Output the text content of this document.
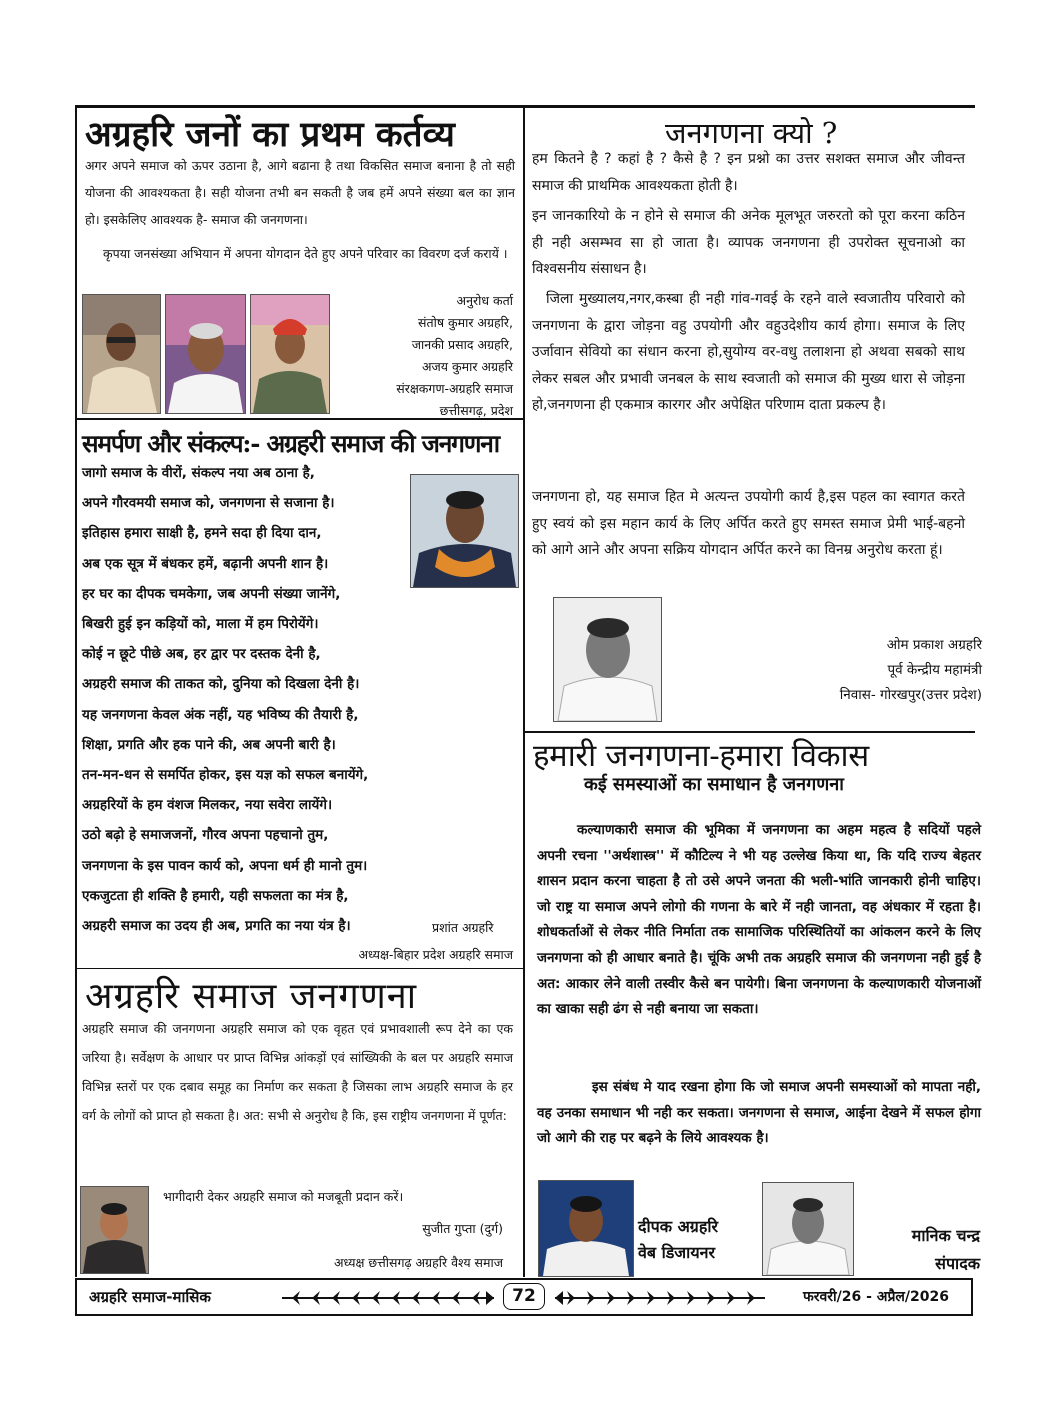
अग्रहरि जनों का प्रथम कर्तव्य
अगर अपने समाज को ऊपर उठाना है, आगे बढाना है तथा विकसित समाज बनाना है तो सही योजना की आवश्यकता है। सही योजना तभी बन सकती है जब हमें अपने संख्या बल का ज्ञान हो। इसकेलिए आवश्यक है- समाज की जनगणना।
कृपया जनसंख्या अभियान में अपना योगदान देते हुए अपने परिवार का विवरण दर्ज करायें ।
अनुरोध कर्ता
संतोष कुमार अग्रहरि,
जानकी प्रसाद अग्रहरि,
अजय कुमार अग्रहरि
संरक्षकगण-अग्रहरि समाज
छत्तीसगढ़, प्रदेश
समर्पण और संकल्प:- अग्रहरी समाज की जनगणना
जागो समाज के वीरों, संकल्प नया अब ठाना है,
अपने गौरवमयी समाज को, जनगणना से सजाना है।
इतिहास हमारा साक्षी है, हमने सदा ही दिया दान,
अब एक सूत्र में बंधकर हमें, बढ़ानी अपनी शान है।
हर घर का दीपक चमकेगा, जब अपनी संख्या जानेंगे,
बिखरी हुई इन कड़ियों को, माला में हम पिरोयेंगे।
कोई न छूटे पीछे अब, हर द्वार पर दस्तक देनी है,
अग्रहरी समाज की ताकत को, दुनिया को दिखला देनी है।
यह जनगणना केवल अंक नहीं, यह भविष्य की तैयारी है,
शिक्षा, प्रगति और हक पाने की, अब अपनी बारी है।
तन-मन-धन से समर्पित होकर, इस यज्ञ को सफल बनायेंगे,
अग्रहरियों के हम वंशज मिलकर, नया सवेरा लायेंगे।
उठो बढ़ो हे समाजजनों, गौरव अपना पहचानो तुम,
जनगणना के इस पावन कार्य को, अपना धर्म ही मानो तुम।
एकजुटता ही शक्ति है हमारी, यही सफलता का मंत्र है,
अग्रहरी समाज का उदय ही अब, प्रगति का नया यंत्र है।	प्रशांत अग्रहरि
अध्यक्ष-बिहार प्रदेश अग्रहरि समाज
अग्रहरि समाज जनगणना
अग्रहरि समाज की जनगणना अग्रहरि समाज को एक वृहत एवं प्रभावशाली रूप देने का एक जरिया है। सर्वेक्षण के आधार पर प्राप्त विभिन्न आंकड़ों एवं सांख्यिकी के बल पर अग्रहरि समाज विभिन्न स्तरों पर एक दबाव समूह का निर्माण कर सकता है जिसका लाभ अग्रहरि समाज के हर वर्ग के लोगों को प्राप्त हो सकता है। अत: सभी से अनुरोध है कि, इस राष्ट्रीय जनगणना में पूर्णत:
भागीदारी देकर अग्रहरि समाज को मजबूती प्रदान करें।
सुजीत गुप्ता (दुर्ग)
अध्यक्ष छत्तीसगढ़ अग्रहरि वैश्य समाज
जनगणना क्यो ?
हम कितने है ? कहां है ? कैसे है ? इन प्रश्नो का उत्तर सशक्त समाज और जीवन्त समाज की प्राथमिक आवश्यकता होती है।
इन जानकारियो के न होने से समाज की अनेक मूलभूत जरुरतो को पूरा करना कठिन ही नही असम्भव सा हो जाता है। व्यापक जनगणना ही उपरोक्त सूचनाओ का विश्वसनीय संसाधन है।
जिला मुख्यालय,नगर,कस्बा ही नही गांव-गवई के रहने वाले स्वजातीय परिवारो को जनगणना के द्वारा जोड़ना वहु उपयोगी और वहुउदेशीय कार्य होगा। समाज के लिए उर्जावान सेवियो का संधान करना हो,सुयोग्य वर-वधु तलाशना हो अथवा सबको साथ लेकर सबल और प्रभावी जनबल के साथ स्वजाती को समाज की मुख्य धारा से जोड़ना हो,जनगणना ही एकमात्र कारगर और अपेक्षित परिणाम दाता प्रकल्प है।
जनगणना हो, यह समाज हित मे अत्यन्त उपयोगी कार्य है,इस पहल का स्वागत करते हुए स्वयं को इस महान कार्य के लिए अर्पित करते हुए समस्त समाज प्रेमी भाई-बहनो को आगे आने और अपना सक्रिय योगदान अर्पित करने का विनम्र अनुरोध करता हूं।
ओम प्रकाश अग्रहरि
पूर्व केन्द्रीय महामंत्री
निवास- गोरखपुर(उत्तर प्रदेश)
हमारी जनगणना-हमारा विकास
कई समस्याओं का समाधान है जनगणना
कल्याणकारी समाज की भूमिका में जनगणना का अहम महत्व है सदियों पहले अपनी रचना ''अर्थशास्त्र'' में कौटिल्य ने भी यह उल्लेख किया था, कि यदि राज्य बेहतर शासन प्रदान करना चाहता है तो उसे अपने जनता की भली-भांति जानकारी होनी चाहिए। जो राष्ट्र या समाज अपने लोगो की गणना के बारे में नही जानता, वह अंधकार में रहता है। शोधकर्ताओं से लेकर नीति निर्माता तक सामाजिक परिस्थितियों का आंकलन करने के लिए जनगणना को ही आधार बनाते है। चूंकि अभी तक अग्रहरि समाज की जनगणना नही हुई है अत: आकार लेने वाली तस्वीर कैसे बन पायेगी। बिना जनगणना के कल्याणकारी योजनाओं का खाका सही ढंग से नही बनाया जा सकता।
इस संबंध मे याद रखना होगा कि जो समाज अपनी समस्याओं को मापता नही, वह उनका समाधान भी नही कर सकता। जनगणना से समाज, आईना देखने में सफल होगा जो आगे की राह पर बढ़ने के लिये आवश्यक है।
दीपक अग्रहरि
वेब डिजायनर
मानिक चन्द्र
संपादक
अग्रहरि समाज-मासिक	72	फरवरी/26 - अप्रैल/2026
